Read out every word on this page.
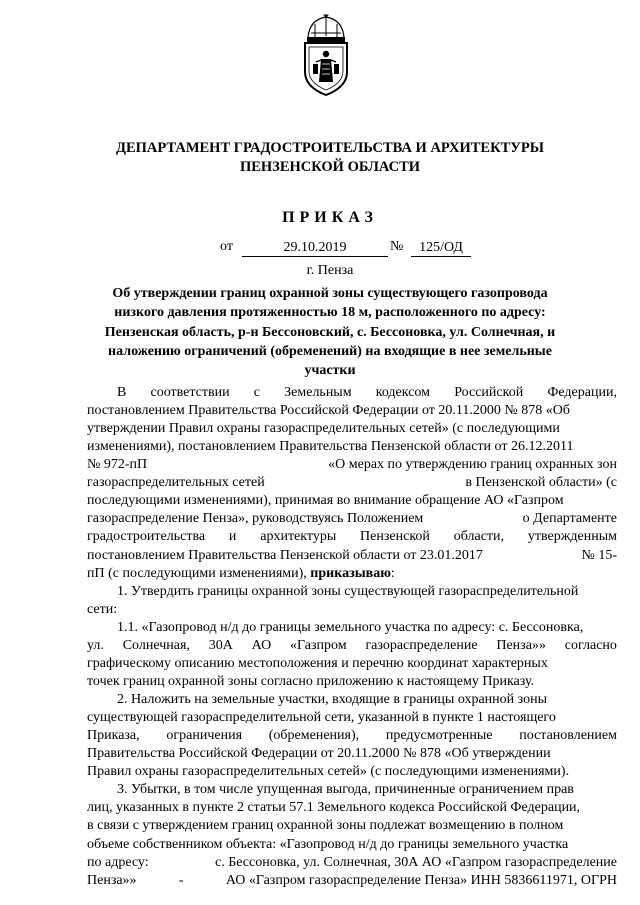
ДЕПАРТАМЕНТ ГРАДОСТРОИТЕЛЬСТВА И АРХИТЕКТУРЫ

ПЕНЗЕНСКОЙ ОБЛАСТИ

ПРИКАЗ

от	29.10.2019	№	125/ОД
г. Пенза
Об утверждении границ охранной зоны существующего газопровода
низкого давления протяженностью 18 м, расположенного по адресу:
Пензенская область, р-н Бессоновский, с. Бессоновка, ул. Солнечная, и
наложению ограничений (обременений) на входящие в нее земельные
участки
В соответствии с Земельным кодексом Российской Федерации,
постановлением Правительства Российской Федерации от 20.11.2000 № 878 «Об
утверждении Правил охраны газораспределительных сетей» (с последующими
изменениями), постановлением Правительства Пензенской области от 26.12.2011
№ 972-пП	«О мерах по утверждению границ охранных зон
газораспределительных сетей	в Пензенской области» (с
последующими изменениями), принимая во внимание обращение АО «Газпром
газораспределение Пенза», руководствуясь Положением	о Департаменте
градостроительства и архитектуры Пензенской области, утвержденным
постановлением Правительства Пензенской области от 23.01.2017	№ 15-
пП (с последующими изменениями), приказываю :
1. Утвердить границы охранной зоны существующей газораспределительной
сети:
1.1. «Газопровод н/д до границы земельного участка по адресу: с. Бессоновка,
ул. Солнечная, 30А АО «Газпром газораспределение Пенза»» согласно
графическому описанию местоположения и перечню координат характерных
точек границ охранной зоны согласно приложению к настоящему Приказу.
2. Наложить на земельные участки, входящие в границы охранной зоны
существующей газораспределительной сети, указанной в пункте 1 настоящего
Приказа, ограничения (обременения), предусмотренные постановлением
Правительства Российской Федерации от 20.11.2000 № 878 «Об утверждении
Правил охраны газораспределительных сетей» (с последующими изменениями).
3. Убытки, в том числе упущенная выгода, причиненные ограничением прав
лиц, указанных в пункте 2 статьи 57.1 Земельного кодекса Российской Федерации,
в связи с утверждением границ охранной зоны подлежат возмещению в полном
объеме собственником объекта: «Газопровод н/д до границы земельного участка
по адресу:	с. Бессоновка, ул. Солнечная, 30А АО «Газпром газораспределение
Пенза»»	-	АО «Газпром газораспределение Пенза» ИНН 5836611971, ОГРН
